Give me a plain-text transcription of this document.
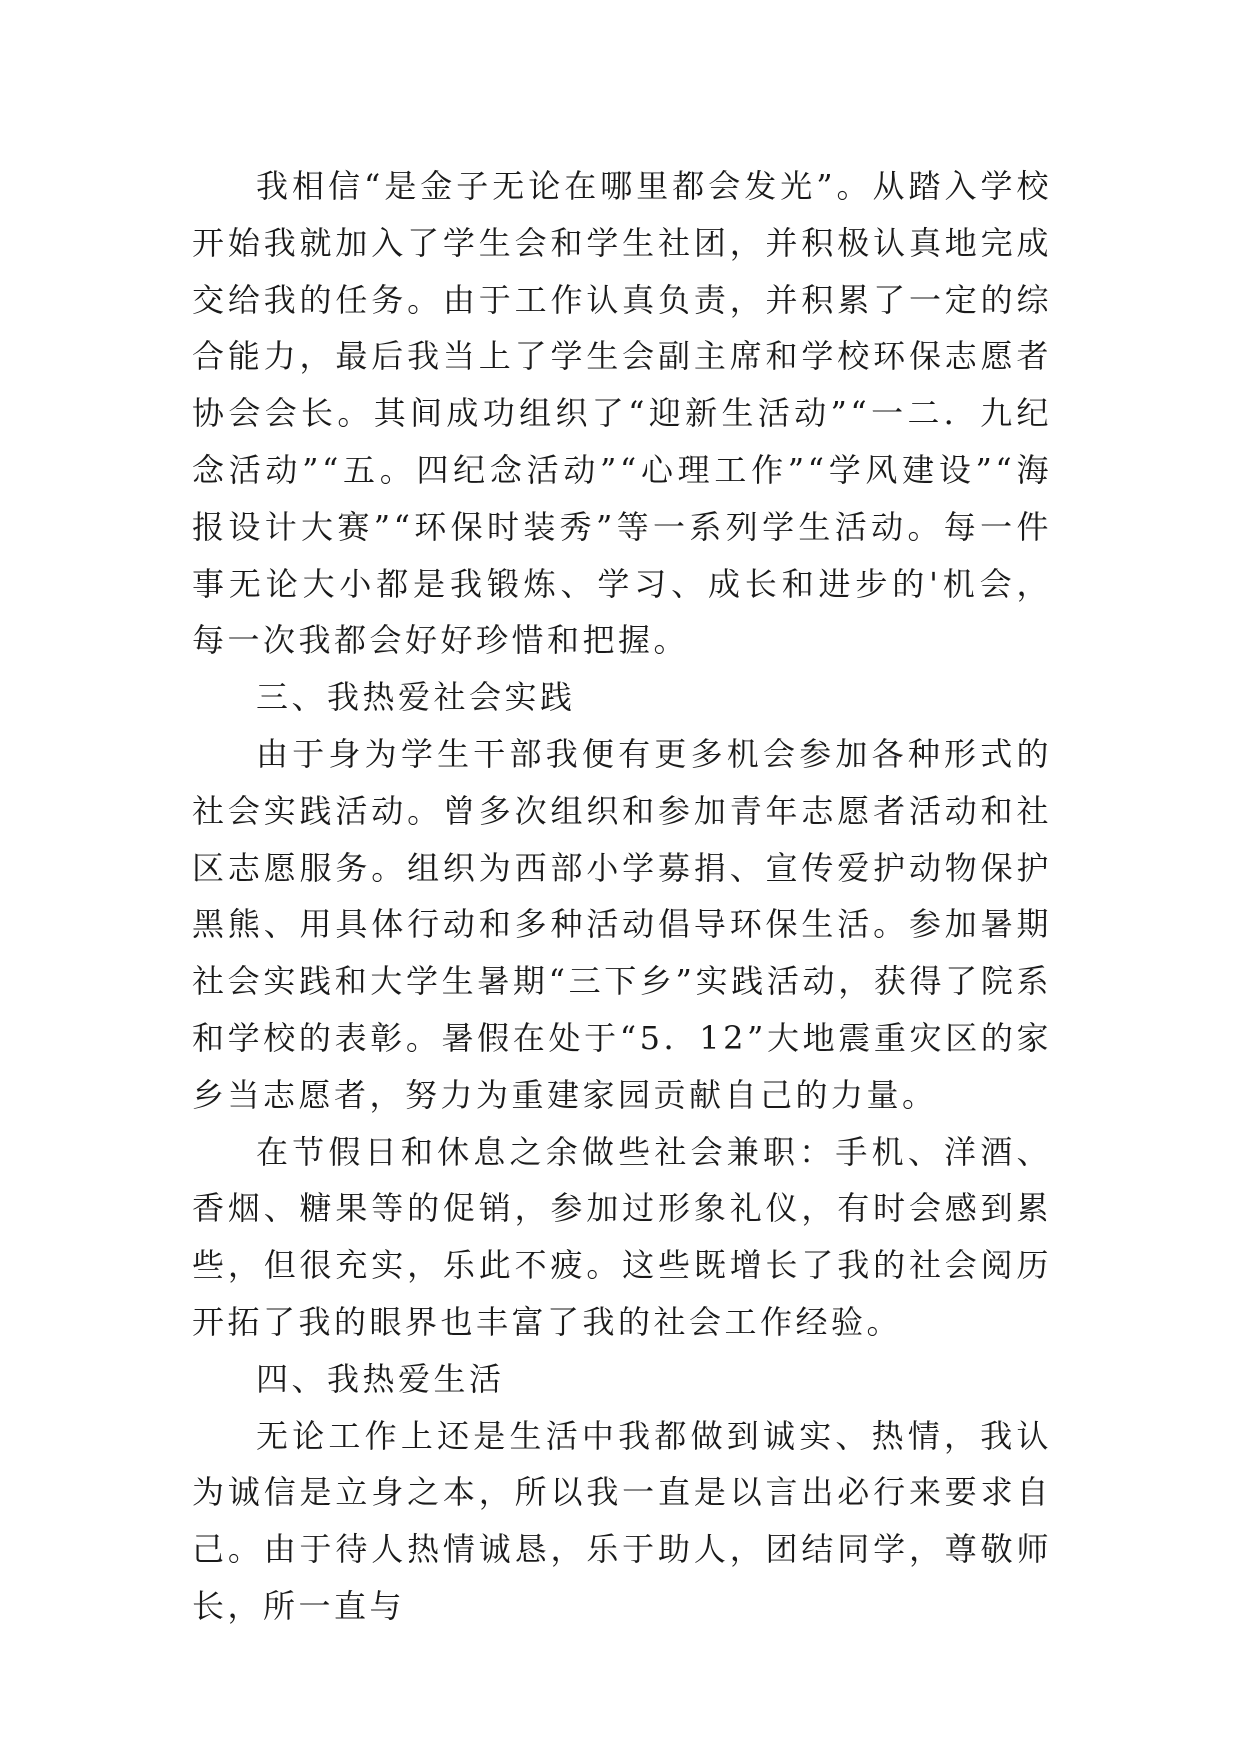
我相信“是金子无论在哪里都会发光”。从踏入学校开始我就加入了学生会和学生社团，并积极认真地完成交给我的任务。由于工作认真负责，并积累了一定的综合能力，最后我当上了学生会副主席和学校环保志愿者协会会长。其间成功组织了“迎新生活动”“一二．九纪念活动”“五。四纪念活动”“心理工作”“学风建设”“海报设计大赛”“环保时装秀”等一系列学生活动。每一件事无论大小都是我锻炼、学习、成长和进步的'机会，每一次我都会好好珍惜和把握。

三、我热爱社会实践

由于身为学生干部我便有更多机会参加各种形式的社会实践活动。曾多次组织和参加青年志愿者活动和社区志愿服务。组织为西部小学募捐、宣传爱护动物保护黑熊、用具体行动和多种活动倡导环保生活。参加暑期社会实践和大学生暑期“三下乡”实践活动，获得了院系和学校的表彰。暑假在处于“5．12”大地震重灾区的家乡当志愿者，努力为重建家园贡献自己的力量。

在节假日和休息之余做些社会兼职：手机、洋酒、香烟、糖果等的促销，参加过形象礼仪，有时会感到累些，但很充实，乐此不疲。这些既增长了我的社会阅历开拓了我的眼界也丰富了我的社会工作经验。

四、我热爱生活

无论工作上还是生活中我都做到诚实、热情，我认为诚信是立身之本，所以我一直是以言出必行来要求自己。由于待人热情诚恳，乐于助人，团结同学，尊敬师长，所一直与
